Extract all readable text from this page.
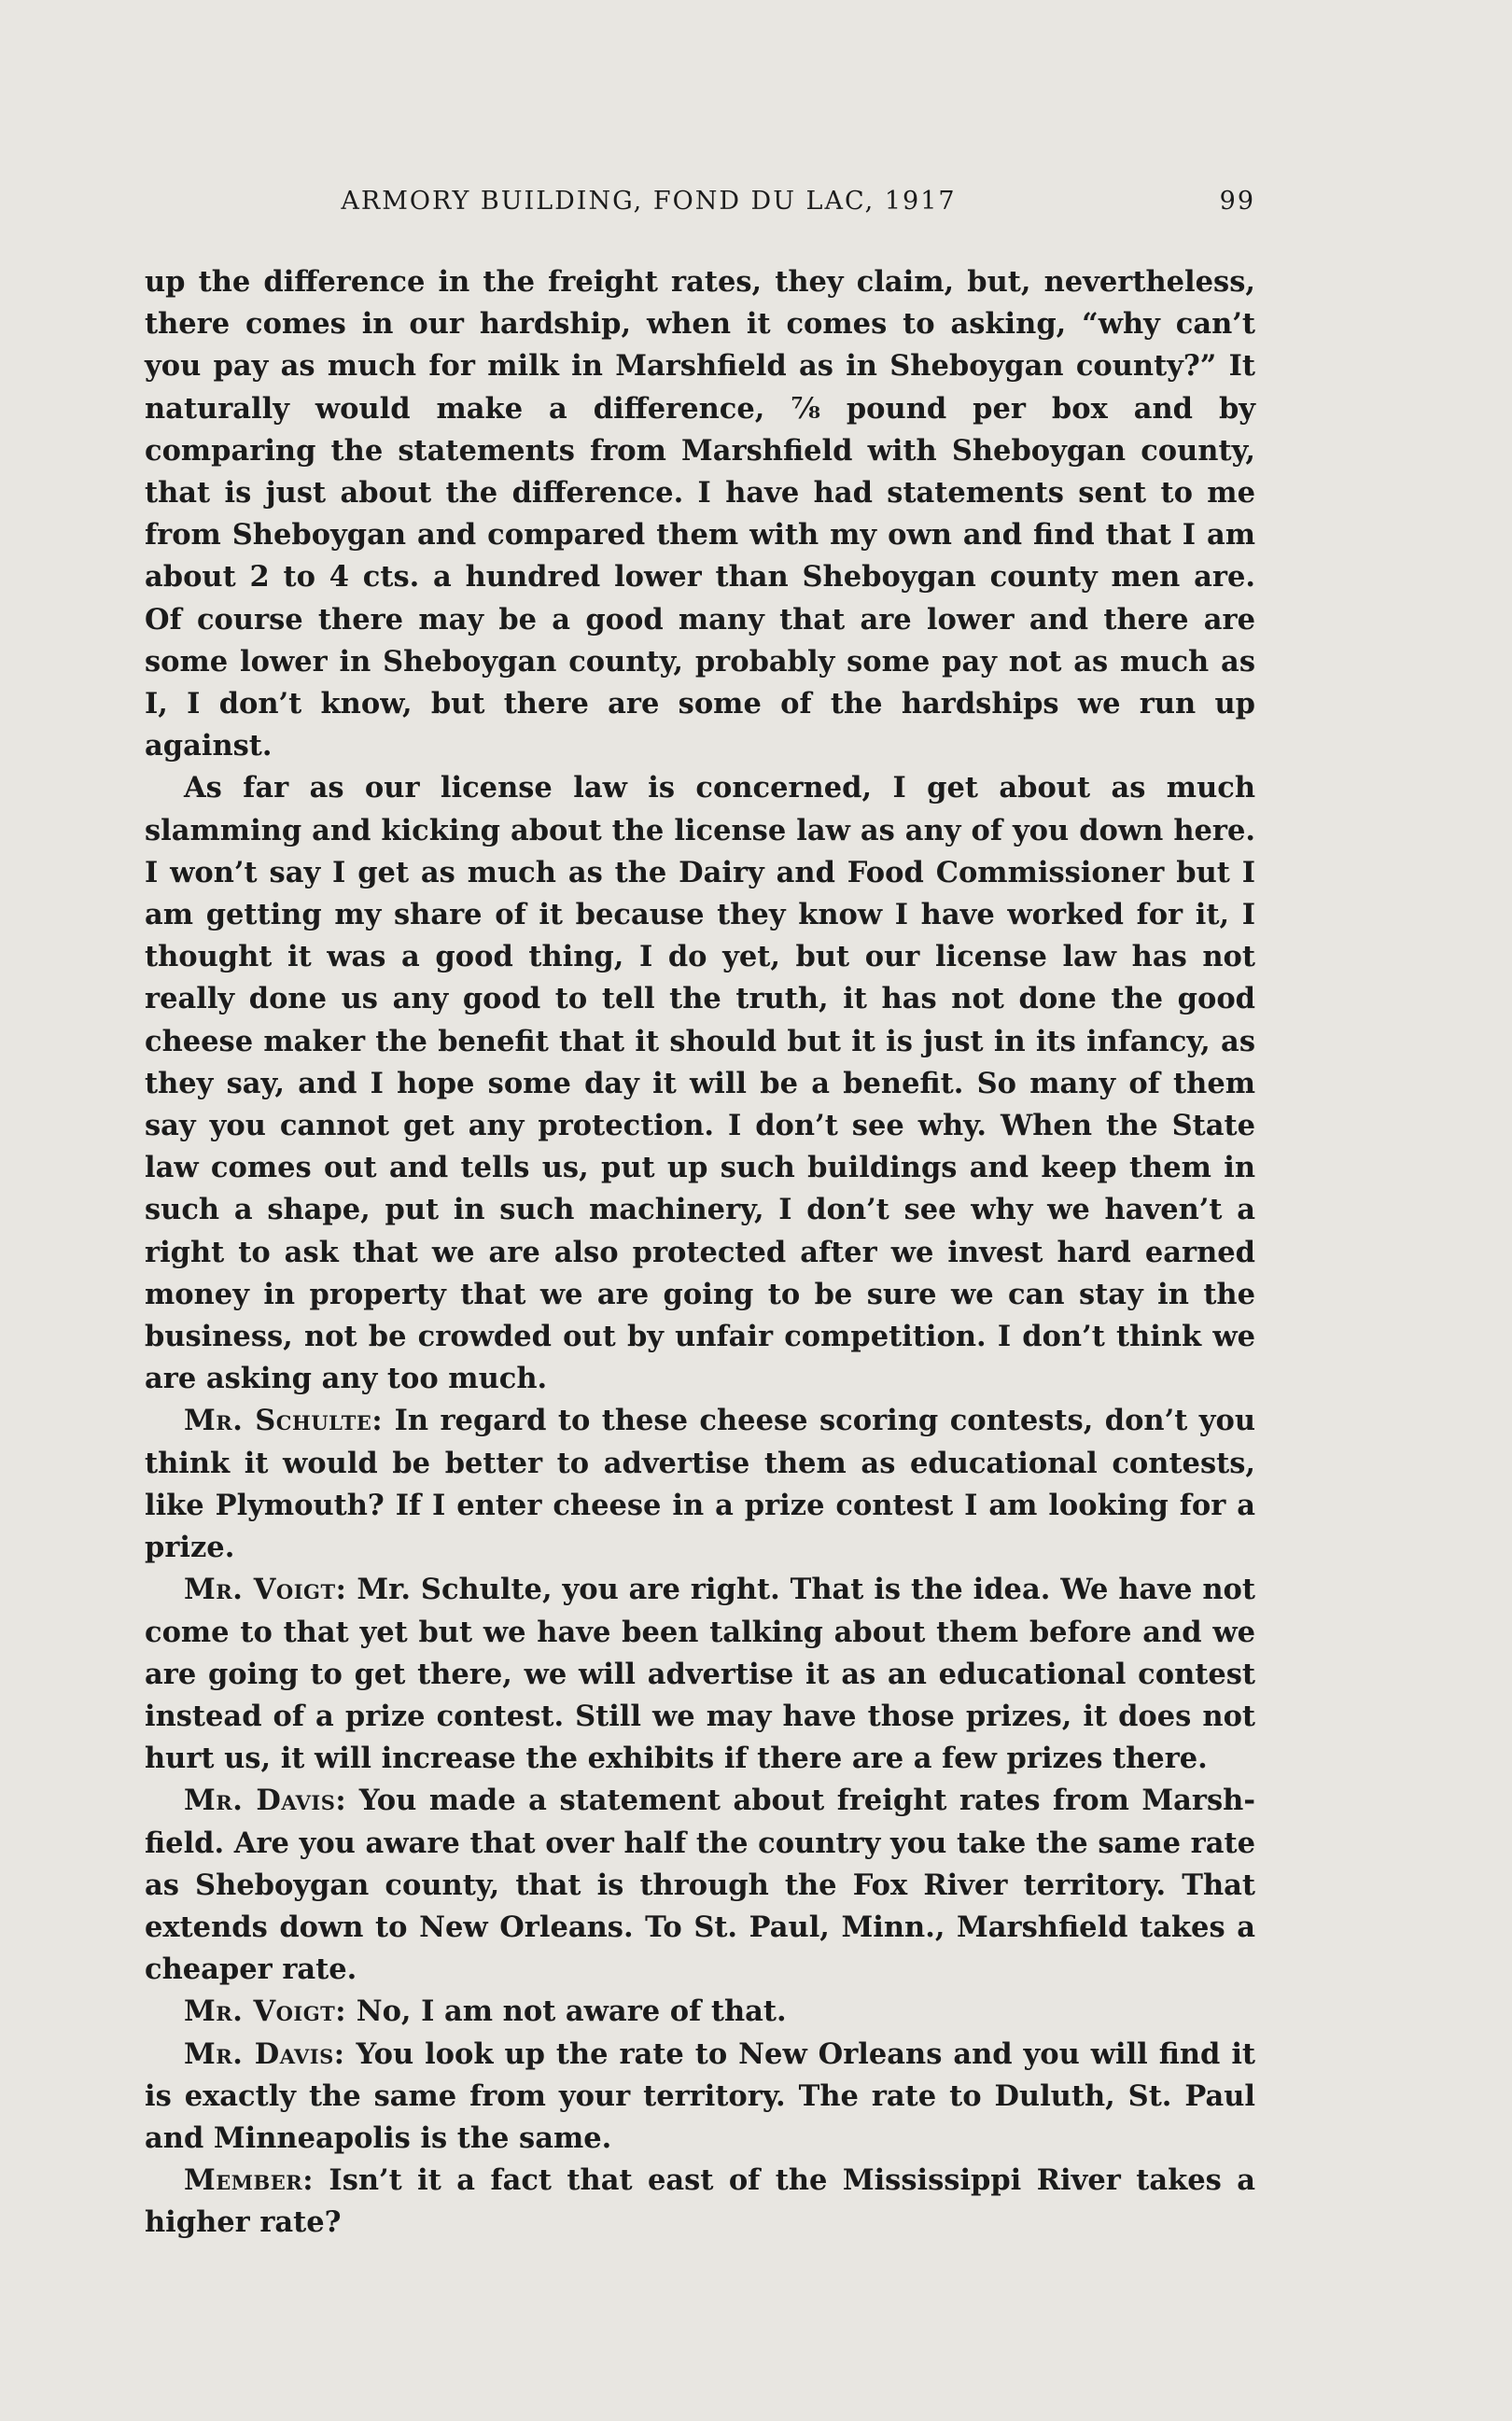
ARMORY BUILDING, FOND DU LAC, 1917	99

up the difference in the freight rates, they claim, but, nevertheless, there comes in our hardship, when it comes to asking, “why can’t you pay as much for milk in Marshfield as in Sheboygan county?” It naturally would make a difference, ⅞ pound per box and by comparing the statements from Marshfield with Sheboygan county, that is just about the difference. I have had statements sent to me from Shebоygan and compared them with my own and find that I am about 2 to 4 cts. a hundred lower than Sheboygan county men are. Of course there may be a good many that are lower and there are some lower in Sheboygan county, probably some pay not as much as I, I don’t know, but there are some of the hardships we run up against.

As far as our license law is concerned, I get about as much slamming and kicking about the license law as any of you down here. I won’t say I get as much as the Dairy and Food Commissioner but I am getting my share of it because they know I have worked for it, I thought it was a good thing, I do yet, but our license law has not really done us any good to tell the truth, it has not done the good cheese maker the benefit that it should but it is just in its infancy, as they say, and I hope some day it will be a benefit. So many of them say you cannot get any protection. I don’t see why. When the State law comes out and tells us, put up such buildings and keep them in such a shape, put in such machinery, I don’t see why we haven’t a right to ask that we are also protected after we invest hard earned money in property that we are going to be sure we can stay in the business, not be crowded out by unfair competition. I don’t think we are asking any too much.

Mr. Schulte: In regard to these cheese scoring contests, don’t you think it would be better to advertise them as educational contests, like Plymouth? If I enter cheese in a prize contest I am looking for a prize.

Mr. Voigt: Mr. Schulte, you are right. That is the idea. We have not come to that yet but we have been talking about them before and we are going to get there, we will advertise it as an educational contest instead of a prize contest. Still we may have those prizes, it does not hurt us, it will increase the exhibits if there are a few prizes there.

Mr. Davis: You made a statement about freight rates from Marshfield. Are you aware that over half the country you take the same rate as Sheboygan county, that is through the Fox River territory. That extends down to New Orleans. To St. Paul, Minn., Marshfield takes a cheaper rate.

Mr. Voigt: No, I am not aware of that.

Mr. Davis: You look up the rate to New Orleans and you will find it is exactly the same from your territory. The rate to Duluth, St. Paul and Minneapolis is the same.

Member: Isn’t it a fact that east of the Mississippi River takes a higher rate?
